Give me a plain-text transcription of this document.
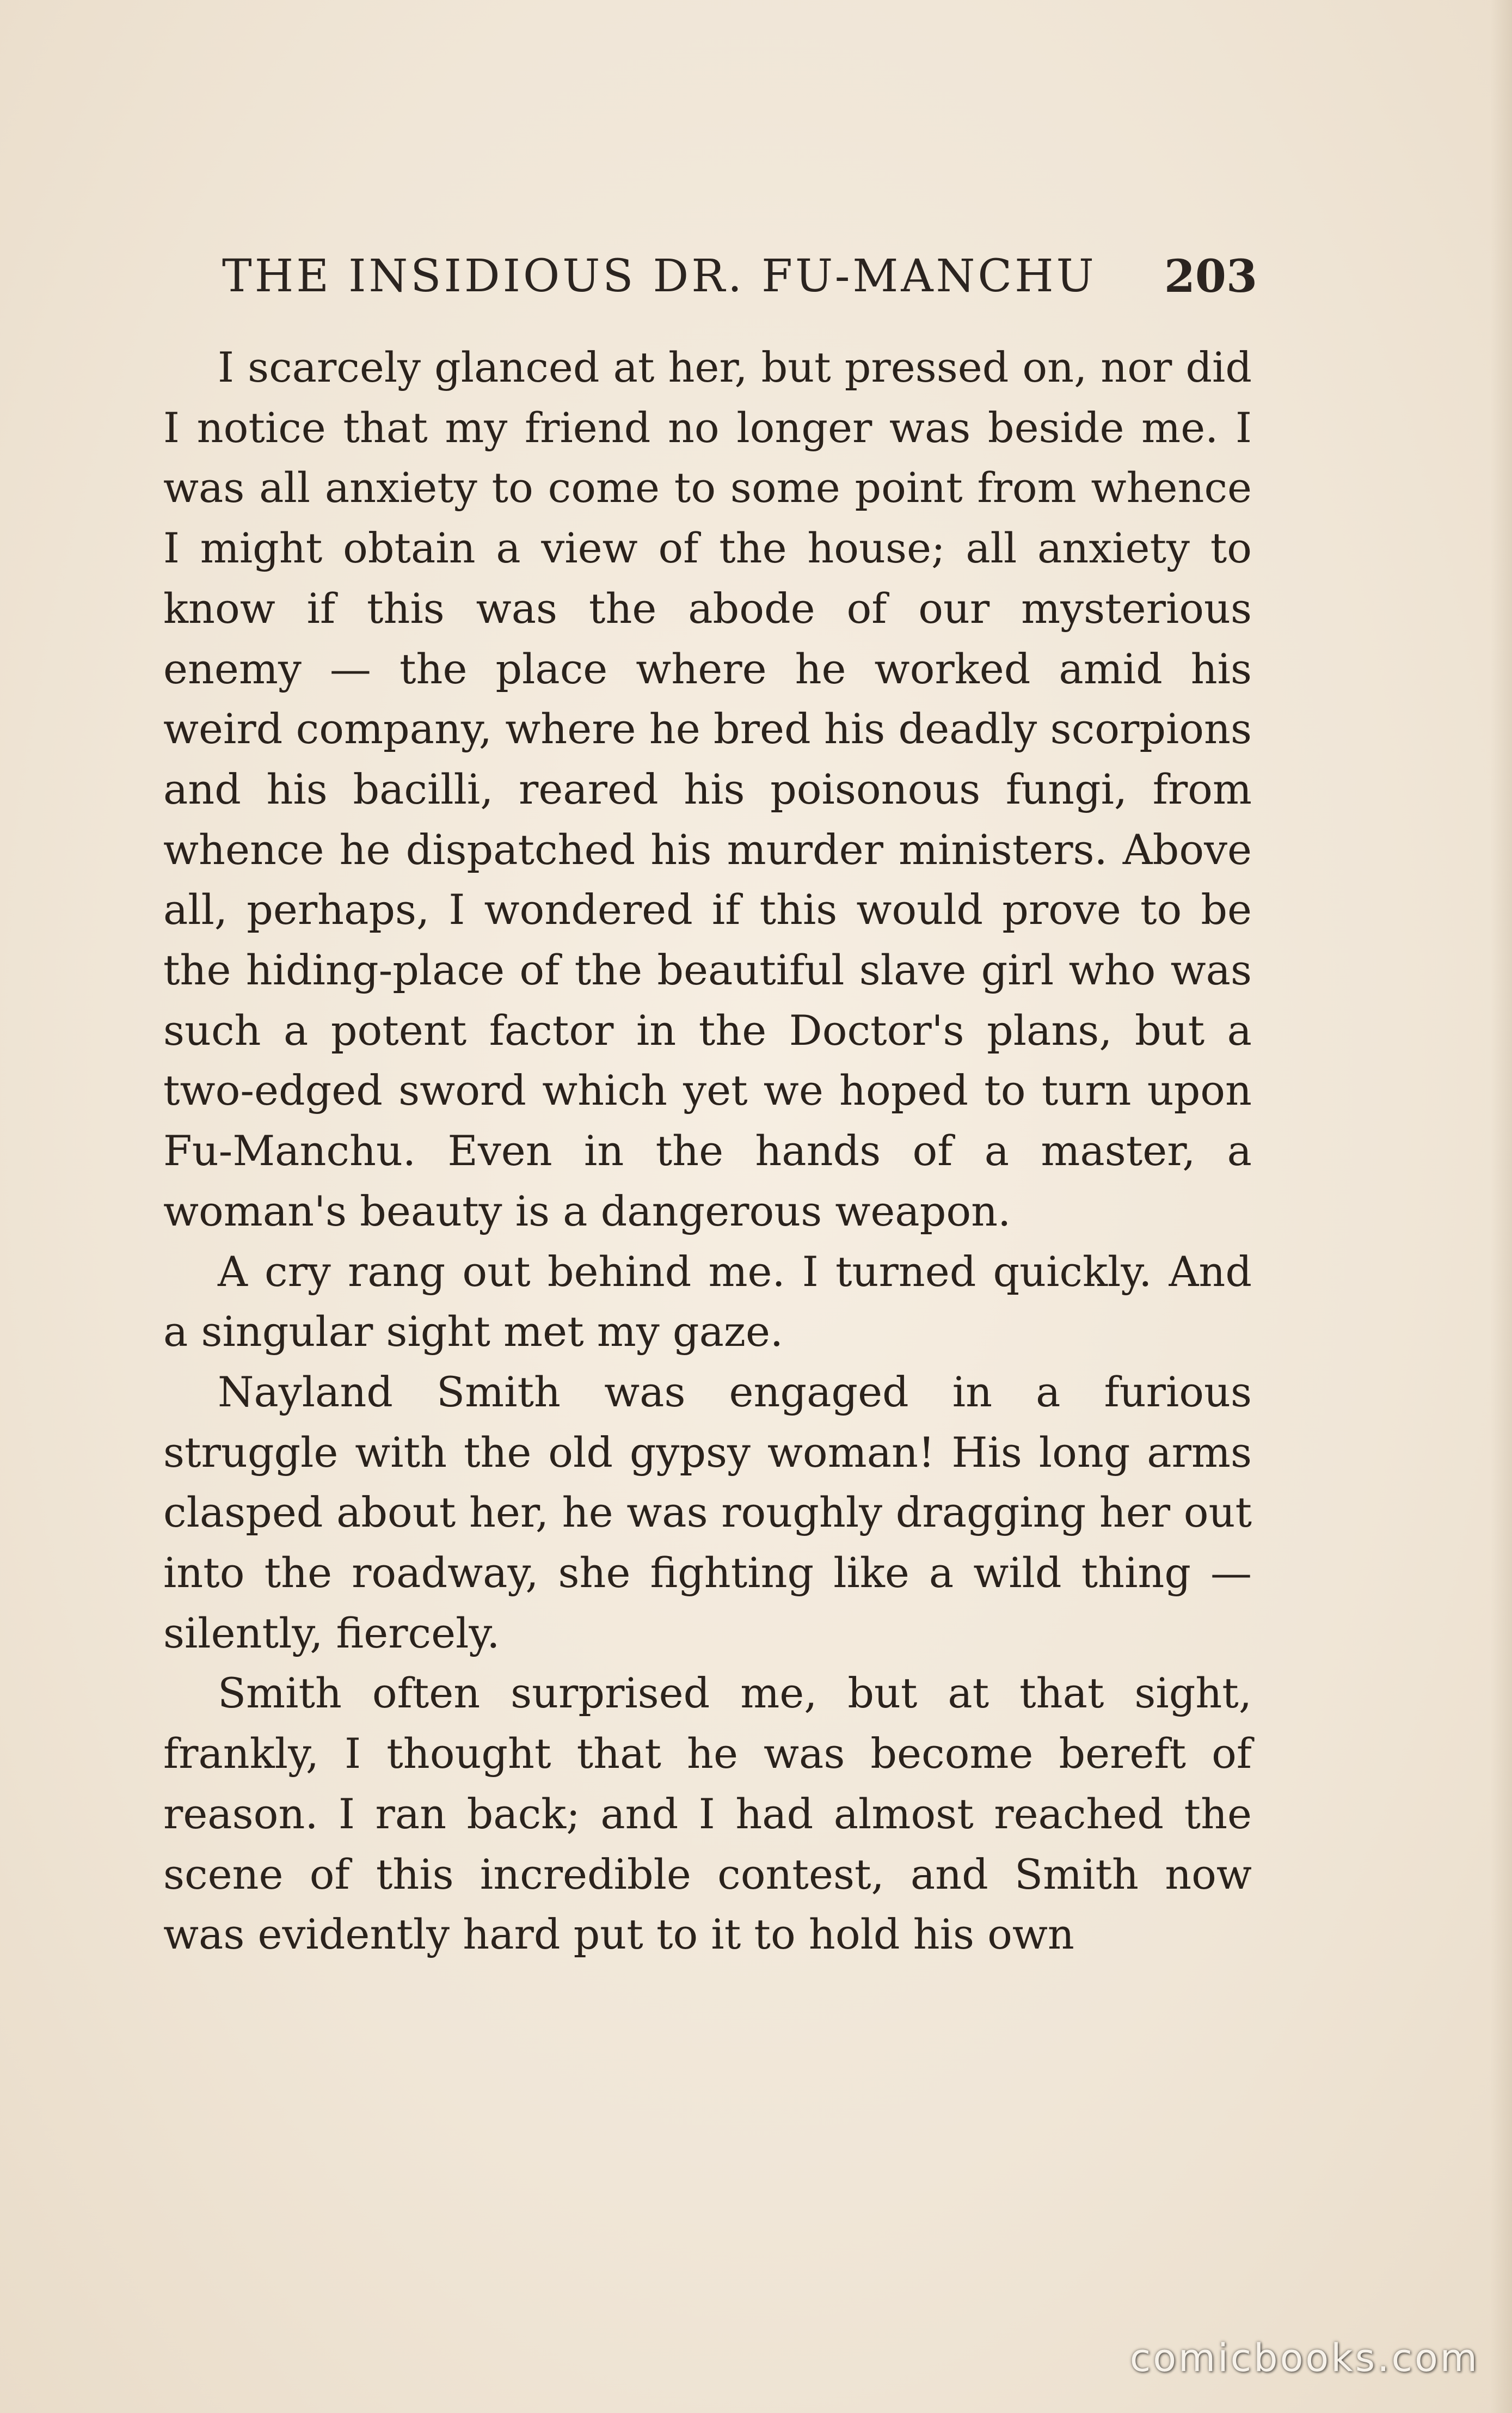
THE INSIDIOUS DR. FU-MANCHU 203

I scarcely glanced at her, but pressed on, nor did I notice that my friend no longer was beside me. I was all anxiety to come to some point from whence I might obtain a view of the house; all anxiety to know if this was the abode of our mysterious enemy — the place where he worked amid his weird company, where he bred his deadly scorpions and his bacilli, reared his poisonous fungi, from whence he dispatched his murder ministers. Above all, perhaps, I wondered if this would prove to be the hiding-place of the beautiful slave girl who was such a potent factor in the Doctor's plans, but a two-edged sword which yet we hoped to turn upon Fu-Manchu. Even in the hands of a master, a woman's beauty is a dangerous weapon.

A cry rang out behind me. I turned quickly. And a singular sight met my gaze.

Nayland Smith was engaged in a furious struggle with the old gypsy woman! His long arms clasped about her, he was roughly dragging her out into the roadway, she fighting like a wild thing — silently, fiercely.

Smith often surprised me, but at that sight, frankly, I thought that he was become bereft of reason. I ran back; and I had almost reached the scene of this incredible contest, and Smith now was evidently hard put to it to hold his own

comicbooks.com
